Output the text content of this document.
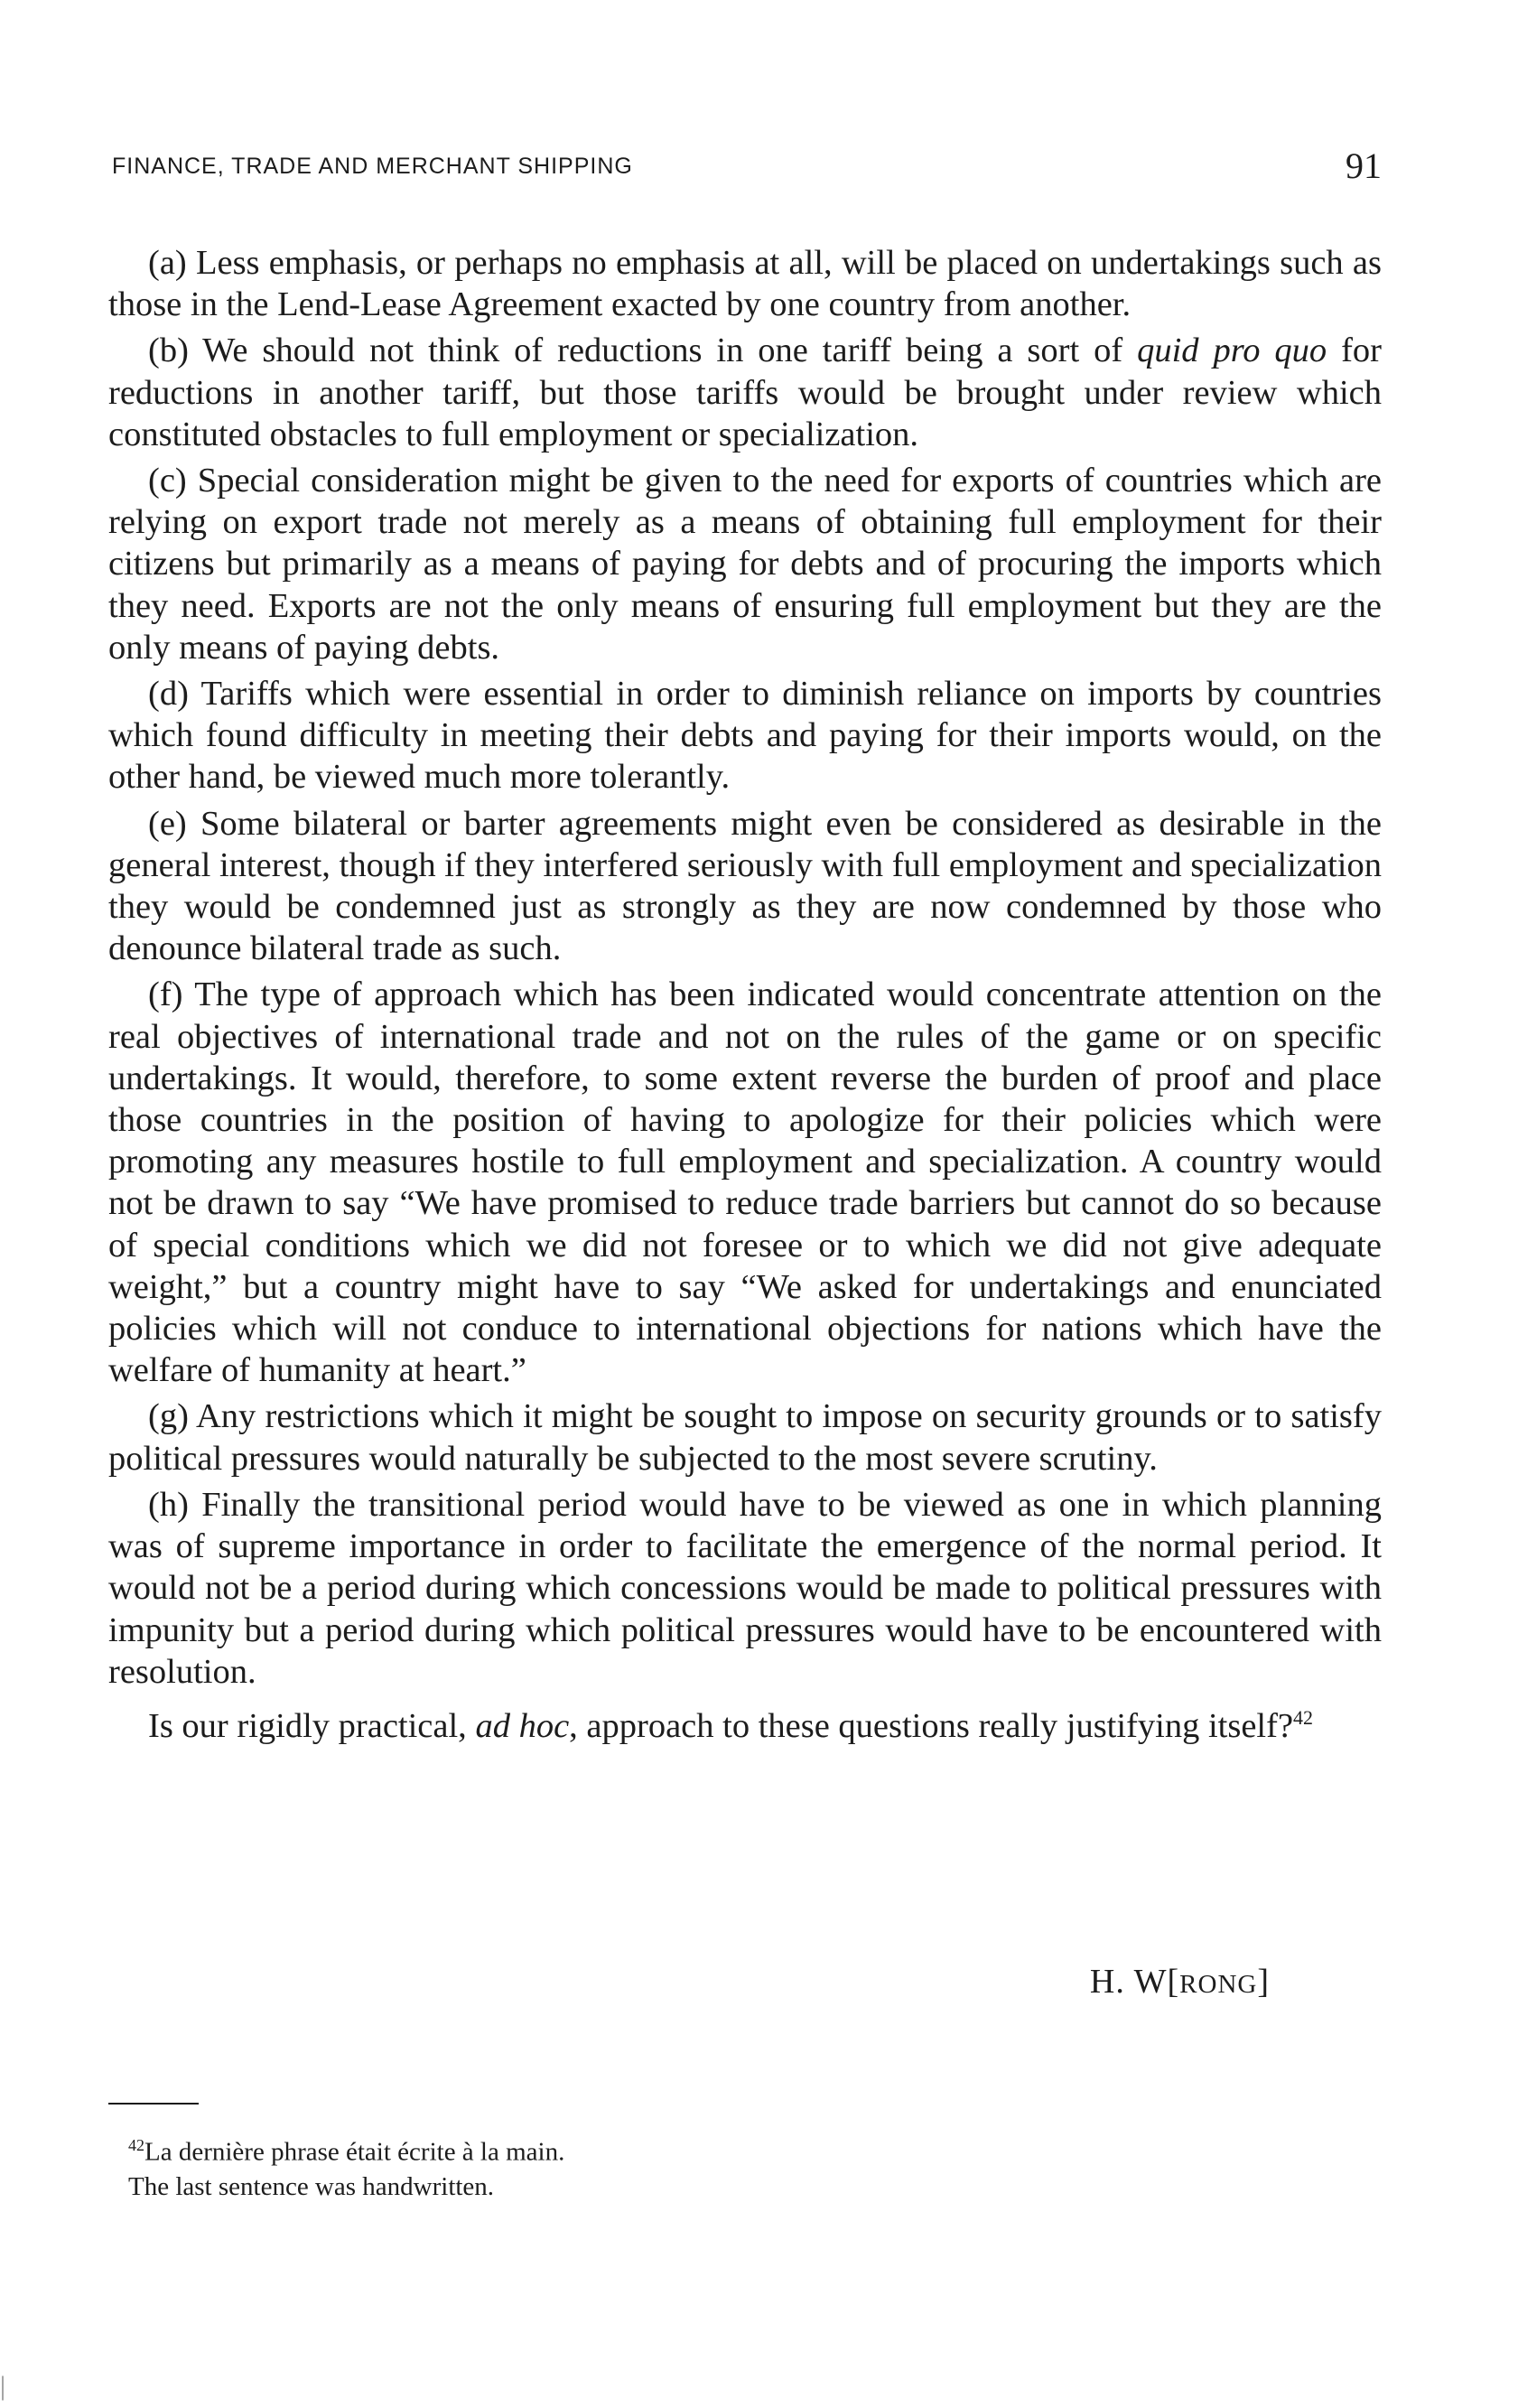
FINANCE, TRADE AND MERCHANT SHIPPING	91

(a) Less emphasis, or perhaps no emphasis at all, will be placed on undertakings such as those in the Lend-Lease Agreement exacted by one country from another.

(b) We should not think of reductions in one tariff being a sort of quid pro quo for reductions in another tariff, but those tariffs would be brought under review which constituted obstacles to full employment or specialization.

(c) Special consideration might be given to the need for exports of countries which are relying on export trade not merely as a means of obtaining full employment for their citizens but primarily as a means of paying for debts and of procuring the imports which they need. Exports are not the only means of ensuring full employment but they are the only means of paying debts.

(d) Tariffs which were essential in order to diminish reliance on imports by countries which found difficulty in meeting their debts and paying for their imports would, on the other hand, be viewed much more tolerantly.

(e) Some bilateral or barter agreements might even be considered as desirable in the general interest, though if they interfered seriously with full employment and specialization they would be condemned just as strongly as they are now condemned by those who denounce bilateral trade as such.

(f) The type of approach which has been indicated would concentrate attention on the real objectives of international trade and not on the rules of the game or on specific undertakings. It would, therefore, to some extent reverse the burden of proof and place those countries in the position of having to apologize for their policies which were promoting any measures hostile to full employment and specialization. A country would not be drawn to say “We have promised to reduce trade barriers but cannot do so because of special conditions which we did not foresee or to which we did not give adequate weight,” but a country might have to say “We asked for undertakings and enunciated policies which will not conduce to international objections for nations which have the welfare of humanity at heart.”

(g) Any restrictions which it might be sought to impose on security grounds or to satisfy political pressures would naturally be subjected to the most severe scrutiny.

(h) Finally the transitional period would have to be viewed as one in which planning was of supreme importance in order to facilitate the emergence of the normal period. It would not be a period during which concessions would be made to political pressures with impunity but a period during which political pressures would have to be encountered with resolution.

Is our rigidly practical, ad hoc, approach to these questions really justifying itself?$^{42}$

H. W[RONG]
$^{42}$La dernière phrase était écrite à la main.
The last sentence was handwritten.
|
